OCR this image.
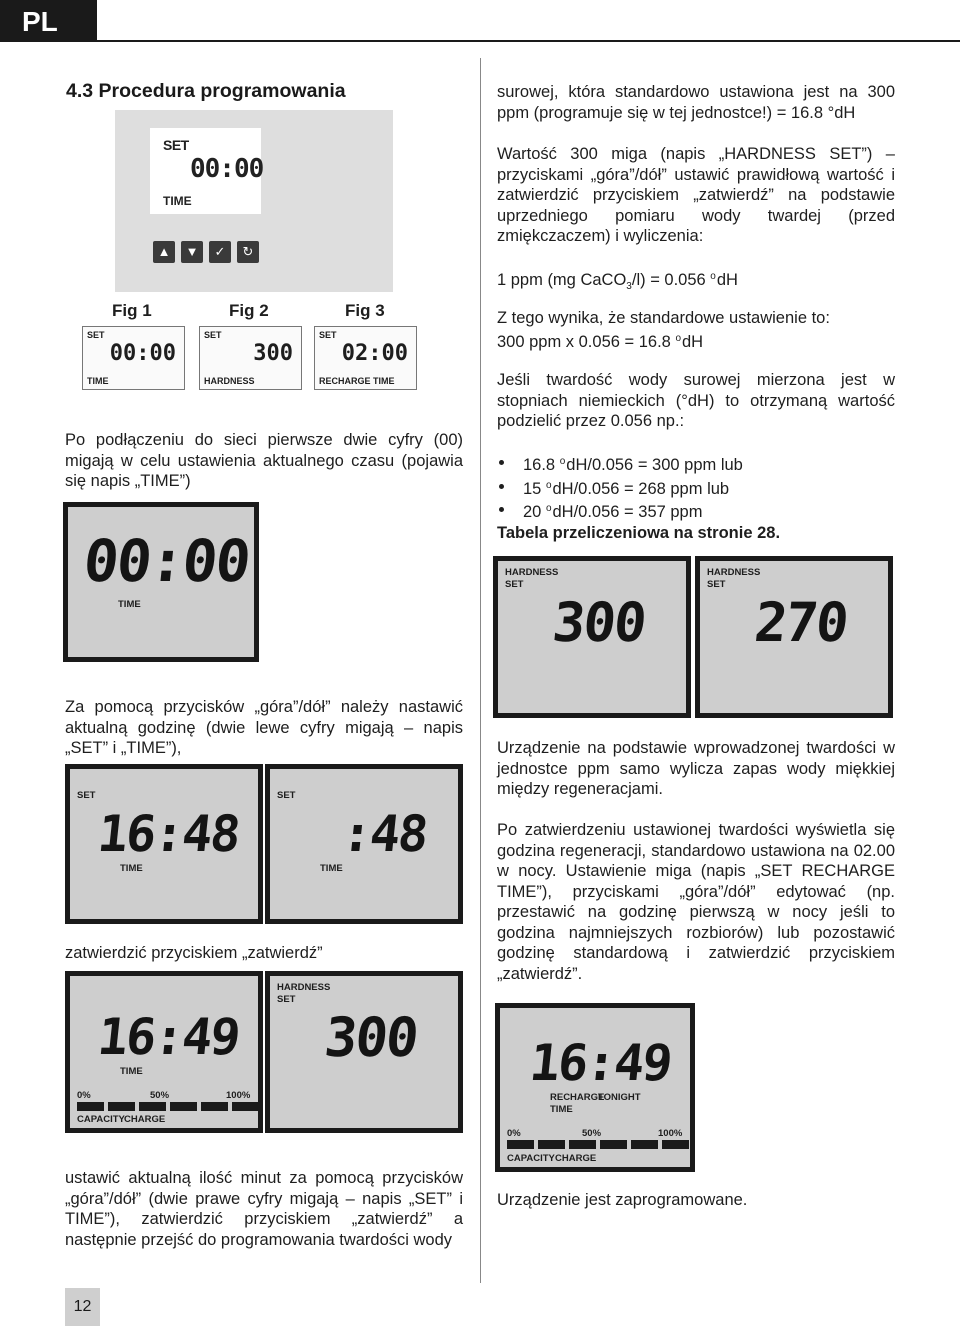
PL
4.3 Procedura programowania
SET
00:00
TIME
▲	▼	✓	↻
Fig 1	Fig 2	Fig 3
SET
00:00
TIME
SET
300
HARDNESS
SET
02:00
RECHARGE TIME
Po podłączeniu do sieci pierwsze dwie cyfry (00) migają w celu ustawienia aktualnego czasu (pojawia się napis „TIME”)
00:00
TIME
Za pomocą przycisków „góra”/dół” należy nastawić aktualną godzinę (dwie lewe cyfry migają – napis „SET” i „TIME”),
SET
16:48
TIME
SET
:48
TIME
zatwierdzić przyciskiem „zatwierdź”
16:49
TIME
0%	50%	100%
CAPACITY CHARGE
HARDNESS
SET
300
ustawić aktualną ilość minut za pomocą przycisków „góra”/dół” (dwie prawe cyfry migają – napis „SET” i TIME”), zatwierdzić przyciskiem „zatwierdź” a następnie przejść do programowania twardości wody
surowej, która standardowo ustawiona jest na 300 ppm (programuje się w tej jednostce!) = 16.8 °dH
Wartość 300 miga (napis „HARDNESS SET”) – przyciskami „góra”/dół” ustawić prawidłową wartość i zatwierdzić przyciskiem „zatwierdź” na podstawie uprzedniego pomiaru wody twardej (przed zmiękczaczem) i wyliczenia:
1 ppm (mg CaCO$_3$/l) = 0.056 $^o$dH

Z tego wynika, że standardowe ustawienie to:

300 ppm x 0.056 = 16.8 $^o$dH

Jeśli twardość wody surowej mierzona jest w stopniach niemieckich (°dH) to otrzymaną wartość podzielić przez 0.056 np.:
16.8 $^o$dH/0.056 = 300 ppm lub
15 $^o$dH/0.056 = 268 ppm lub
20 $^o$dH/0.056 = 357 ppm

Tabela przeliczeniowa na stronie 28.

HARDNESS
SET
300
HARDNESS
SET
270
Urządzenie na podstawie wprowadzonej twardości w jednostce ppm samo wylicza zapas wody miękkiej między regeneracjami.
Po zatwierdzeniu ustawionej twardości wyświetla się godzina regeneracji, standardowo ustawiona na 02.00 w nocy. Ustawienie miga (napis „SET RECHARGE TIME”), przyciskami „góra”/dół” edytować (np. przestawić na godzinę pierwszą w nocy jeśli to godzina najmniejszych rozbiorów) lub pozostawić godzinę standardową i zatwierdzić przyciskiem „zatwierdź”.
16:49
RECHARGE
TONIGHT
TIME
0%	50%	100%
CAPACITY CHARGE
Urządzenie jest zaprogramowane.
12
